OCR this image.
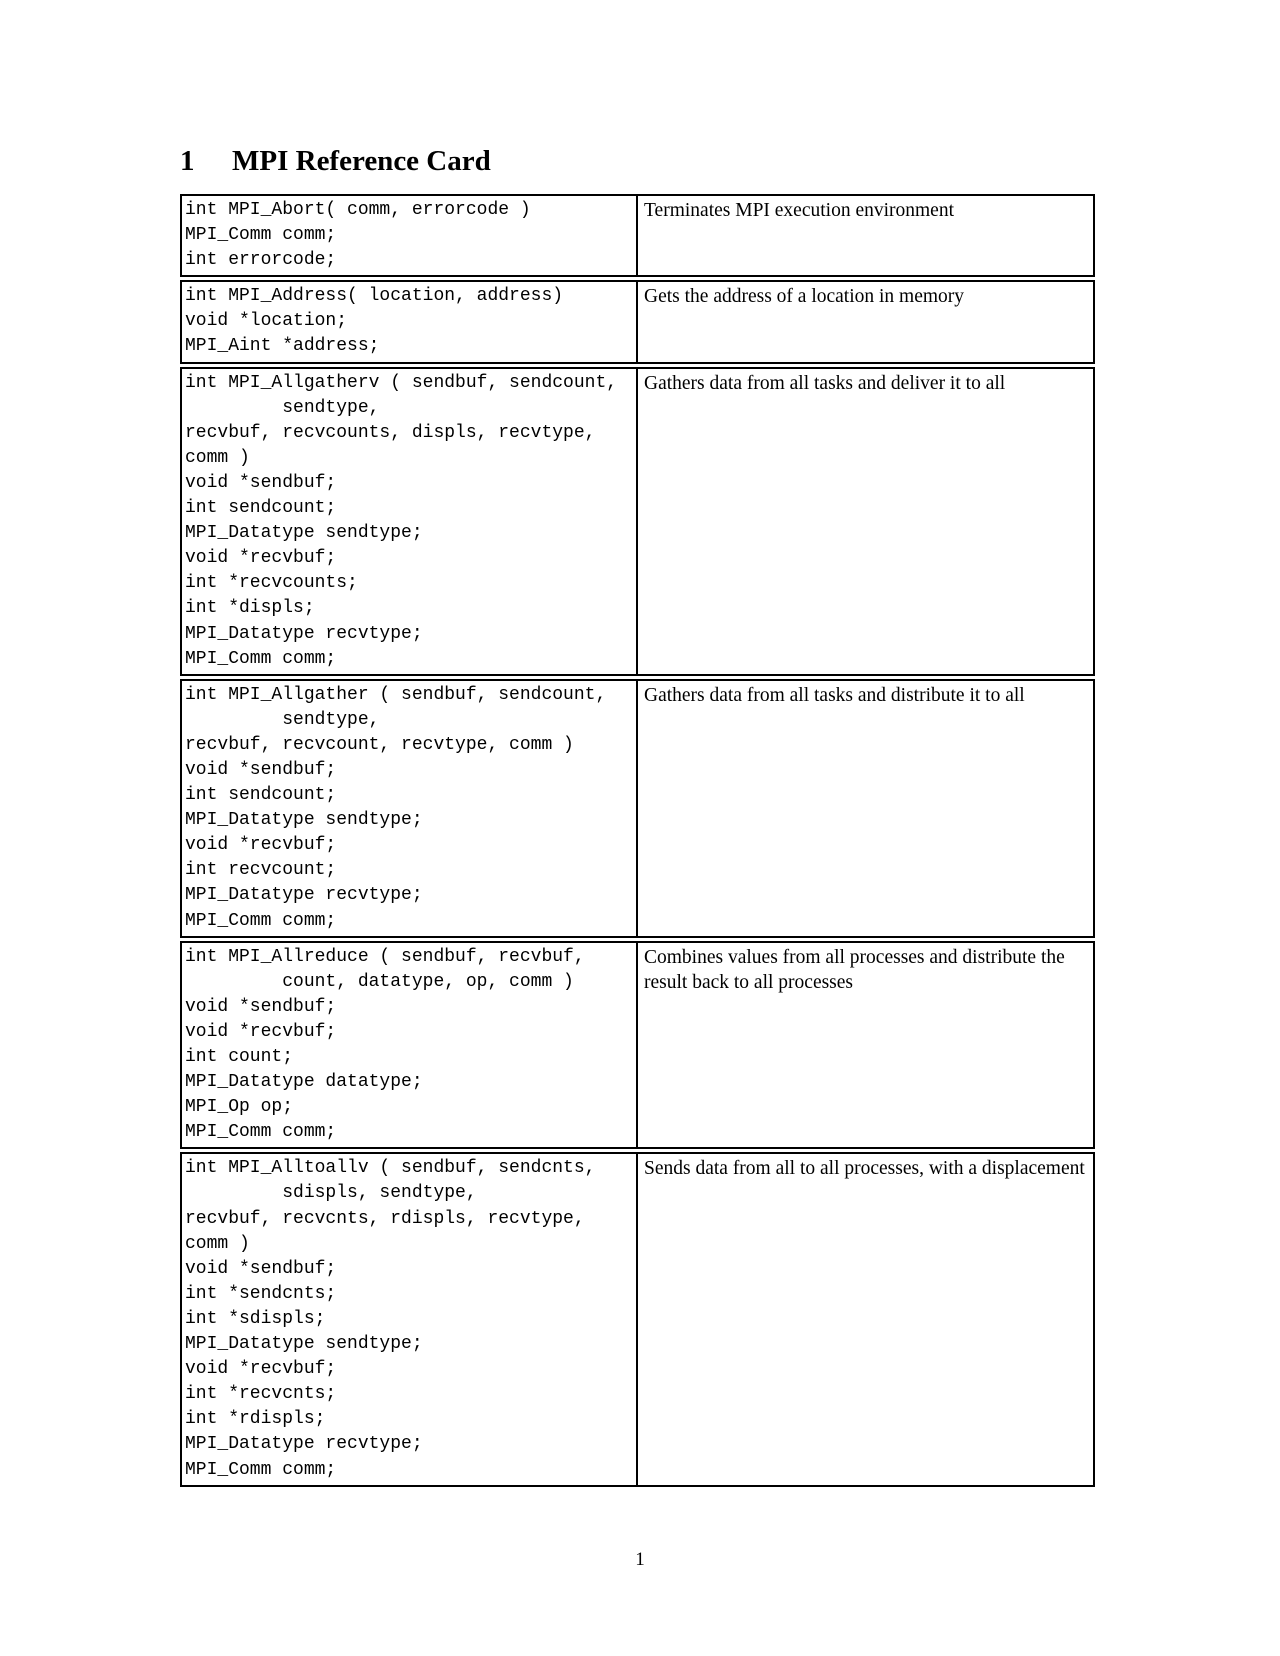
1 MPI Reference Card
int MPI_Abort( comm, errorcode )
MPI_Comm comm;
int errorcode;
Terminates MPI execution environment
int MPI_Address( location, address)
void *location;
MPI_Aint *address;
Gets the address of a location in memory
int MPI_Allgatherv ( sendbuf, sendcount,
sendtype,
recvbuf, recvcounts, displs, recvtype,
comm )
void *sendbuf;
int sendcount;
MPI_Datatype sendtype;
void *recvbuf;
int *recvcounts;
int *displs;
MPI_Datatype recvtype;
MPI_Comm comm;
Gathers data from all tasks and deliver it to all
int MPI_Allgather ( sendbuf, sendcount,
sendtype,
recvbuf, recvcount, recvtype, comm )
void *sendbuf;
int sendcount;
MPI_Datatype sendtype;
void *recvbuf;
int recvcount;
MPI_Datatype recvtype;
MPI_Comm comm;
Gathers data from all tasks and distribute it to all
int MPI_Allreduce ( sendbuf, recvbuf,
count, datatype, op, comm )
void *sendbuf;
void *recvbuf;
int count;
MPI_Datatype datatype;
MPI_Op op;
MPI_Comm comm;
Combines values from all processes and distribute the result back to all processes
int MPI_Alltoallv ( sendbuf, sendcnts,
sdispls, sendtype,
recvbuf, recvcnts, rdispls, recvtype,
comm )
void *sendbuf;
int *sendcnts;
int *sdispls;
MPI_Datatype sendtype;
void *recvbuf;
int *recvcnts;
int *rdispls;
MPI_Datatype recvtype;
MPI_Comm comm;
Sends data from all to all processes, with a displacement
1
